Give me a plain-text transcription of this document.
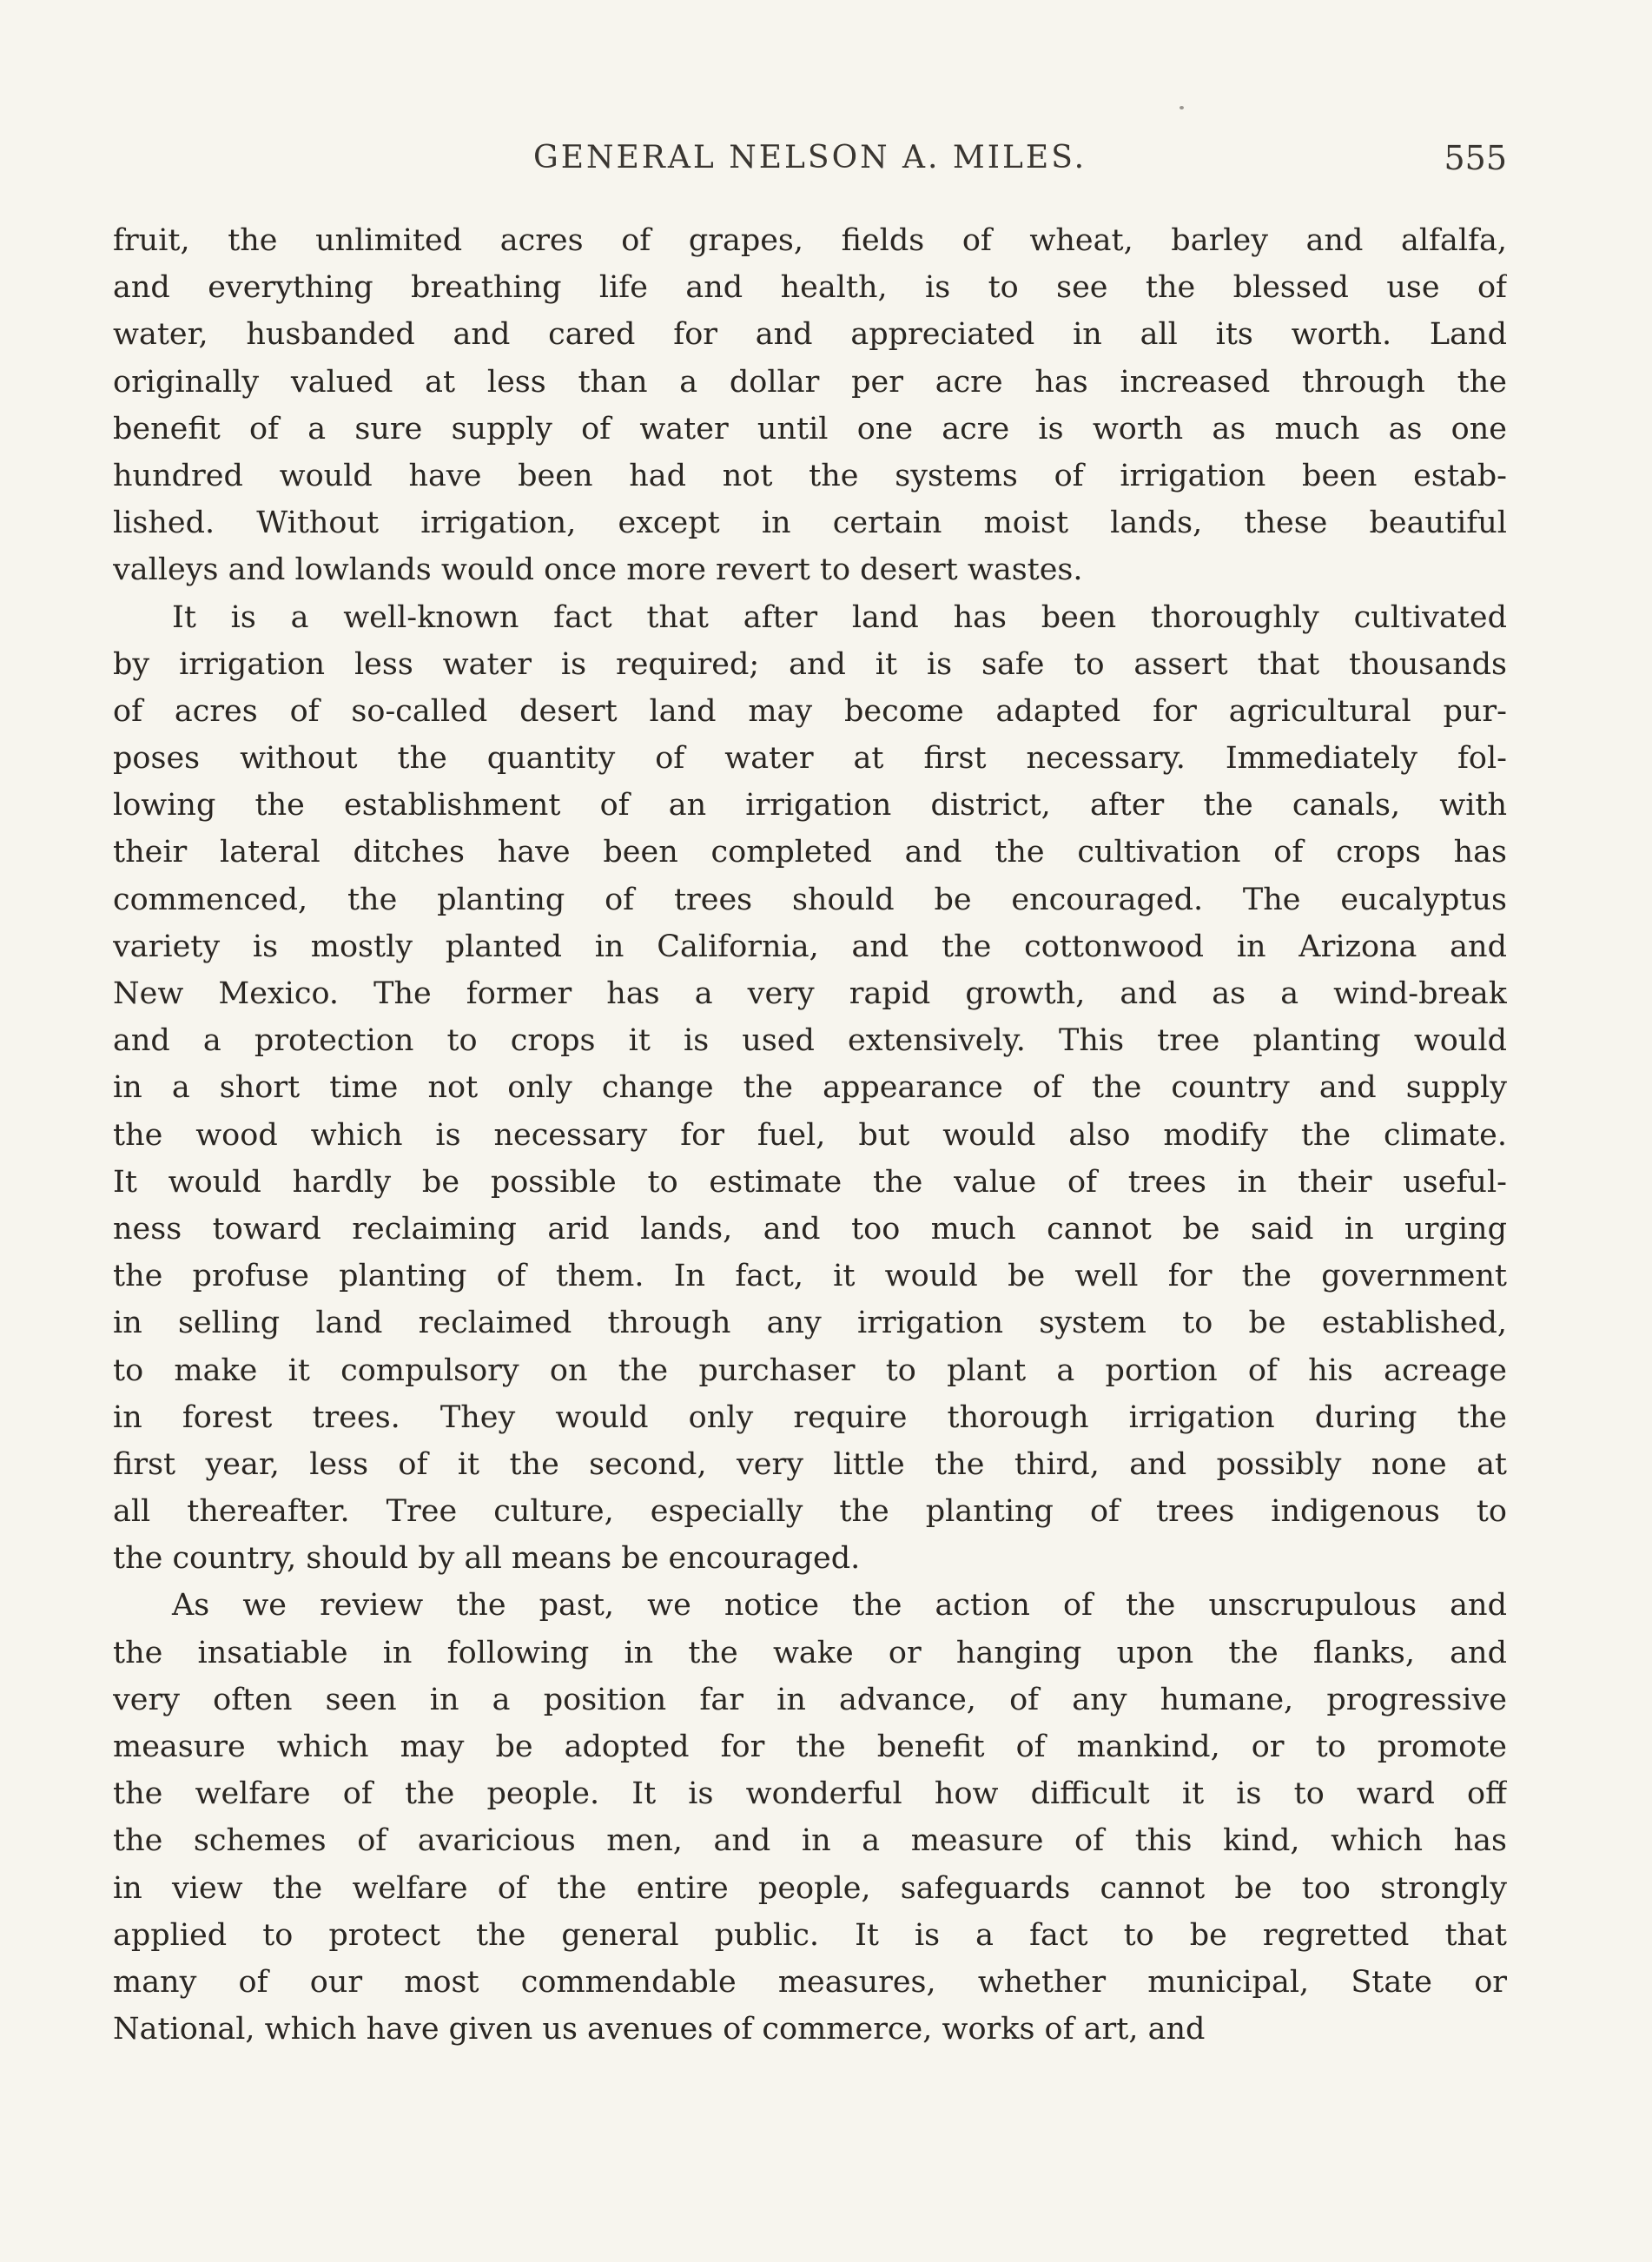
GENERAL NELSON A. MILES.	555
fruit, the unlimited acres of grapes, fields of wheat, barley and alfalfa,
and everything breathing life and health, is to see the blessed use of
water, husbanded and cared for and appreciated in all its worth. Land
originally valued at less than a dollar per acre has increased through the
benefit of a sure supply of water until one acre is worth as much as one
hundred would have been had not the systems of irrigation been estab-
lished. Without irrigation, except in certain moist lands, these beautiful
valleys and lowlands would once more revert to desert wastes.
It is a well-known fact that after land has been thoroughly cultivated
by irrigation less water is required; and it is safe to assert that thousands
of acres of so-called desert land may become adapted for agricultural pur-
poses without the quantity of water at first necessary. Immediately fol-
lowing the establishment of an irrigation district, after the canals, with
their lateral ditches have been completed and the cultivation of crops has
commenced, the planting of trees should be encouraged. The eucalyptus
variety is mostly planted in California, and the cottonwood in Arizona and
New Mexico. The former has a very rapid growth, and as a wind-break
and a protection to crops it is used extensively. This tree planting would
in a short time not only change the appearance of the country and supply
the wood which is necessary for fuel, but would also modify the climate.
It would hardly be possible to estimate the value of trees in their useful-
ness toward reclaiming arid lands, and too much cannot be said in urging
the profuse planting of them. In fact, it would be well for the government
in selling land reclaimed through any irrigation system to be established,
to make it compulsory on the purchaser to plant a portion of his acreage
in forest trees. They would only require thorough irrigation during the
first year, less of it the second, very little the third, and possibly none at
all thereafter. Tree culture, especially the planting of trees indigenous to
the country, should by all means be encouraged.
As we review the past, we notice the action of the unscrupulous and
the insatiable in following in the wake or hanging upon the flanks, and
very often seen in a position far in advance, of any humane, progressive
measure which may be adopted for the benefit of mankind, or to promote
the welfare of the people. It is wonderful how difficult it is to ward off
the schemes of avaricious men, and in a measure of this kind, which has
in view the welfare of the entire people, safeguards cannot be too strongly
applied to protect the general public. It is a fact to be regretted that
many of our most commendable measures, whether municipal, State or
National, which have given us avenues of commerce, works of art, and
